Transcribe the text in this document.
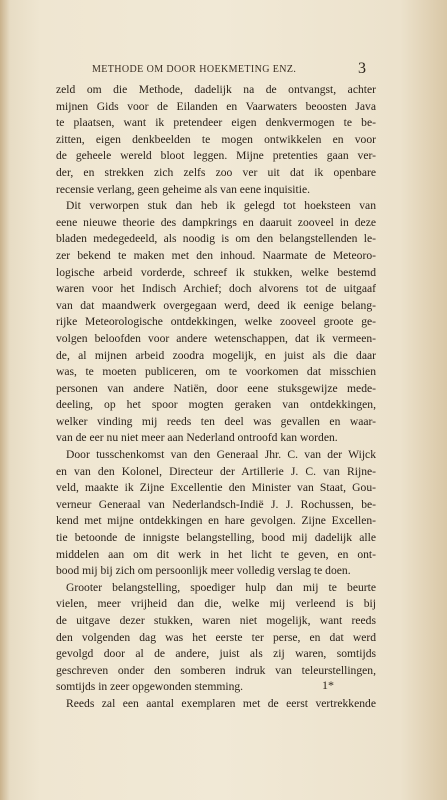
METHODE OM DOOR HOEKMETING ENZ.	3
zeld om die Methode, dadelijk na de ontvangst, achter
mijnen Gids voor de Eilanden en Vaarwaters beoosten Java
te plaatsen, want ik pretendeer eigen denkvermogen te be-
zitten, eigen denkbeelden te mogen ontwikkelen en voor
de geheele wereld bloot leggen. Mijne pretenties gaan ver-
der, en strekken zich zelfs zoo ver uit dat ik openbare
recensie verlang, geen geheime als van eene inquisitie.
Dit verworpen stuk dan heb ik gelegd tot hoeksteen van
eene nieuwe theorie des dampkrings en daaruit zooveel in deze
bladen medegedeeld, als noodig is om den belangstellenden le-
zer bekend te maken met den inhoud. Naarmate de Meteoro-
logische arbeid vorderde, schreef ik stukken, welke bestemd
waren voor het Indisch Archief; doch alvorens tot de uitgaaf
van dat maandwerk overgegaan werd, deed ik eenige belang-
rijke Meteorologische ontdekkingen, welke zooveel groote ge-
volgen beloofden voor andere wetenschappen, dat ik vermeen-
de, al mijnen arbeid zoodra mogelijk, en juist als die daar
was, te moeten publiceren, om te voorkomen dat misschien
personen van andere Natiën, door eene stuksgewijze mede-
deeling, op het spoor mogten geraken van ontdekkingen,
welker vinding mij reeds ten deel was gevallen en waar-
van de eer nu niet meer aan Nederland ontroofd kan worden.
Door tusschenkomst van den Generaal Jhr. C. van der Wijck
en van den Kolonel, Directeur der Artillerie J. C. van Rijne-
veld, maakte ik Zijne Excellentie den Minister van Staat, Gou-
verneur Generaal van Nederlandsch-Indië J. J. Rochussen, be-
kend met mijne ontdekkingen en hare gevolgen. Zijne Excellen-
tie betoonde de innigste belangstelling, bood mij dadelijk alle
middelen aan om dit werk in het licht te geven, en ont-
bood mij bij zich om persoonlijk meer volledig verslag te doen.
Grooter belangstelling, spoediger hulp dan mij te beurte
vielen, meer vrijheid dan die, welke mij verleend is bij
de uitgave dezer stukken, waren niet mogelijk, want reeds
den volgenden dag was het eerste ter perse, en dat werd
gevolgd door al de andere, juist als zij waren, somtijds
geschreven onder den somberen indruk van teleurstellingen,
somtijds in zeer opgewonden stemming.
Reeds zal een aantal exemplaren met de eerst vertrekkende
1*
